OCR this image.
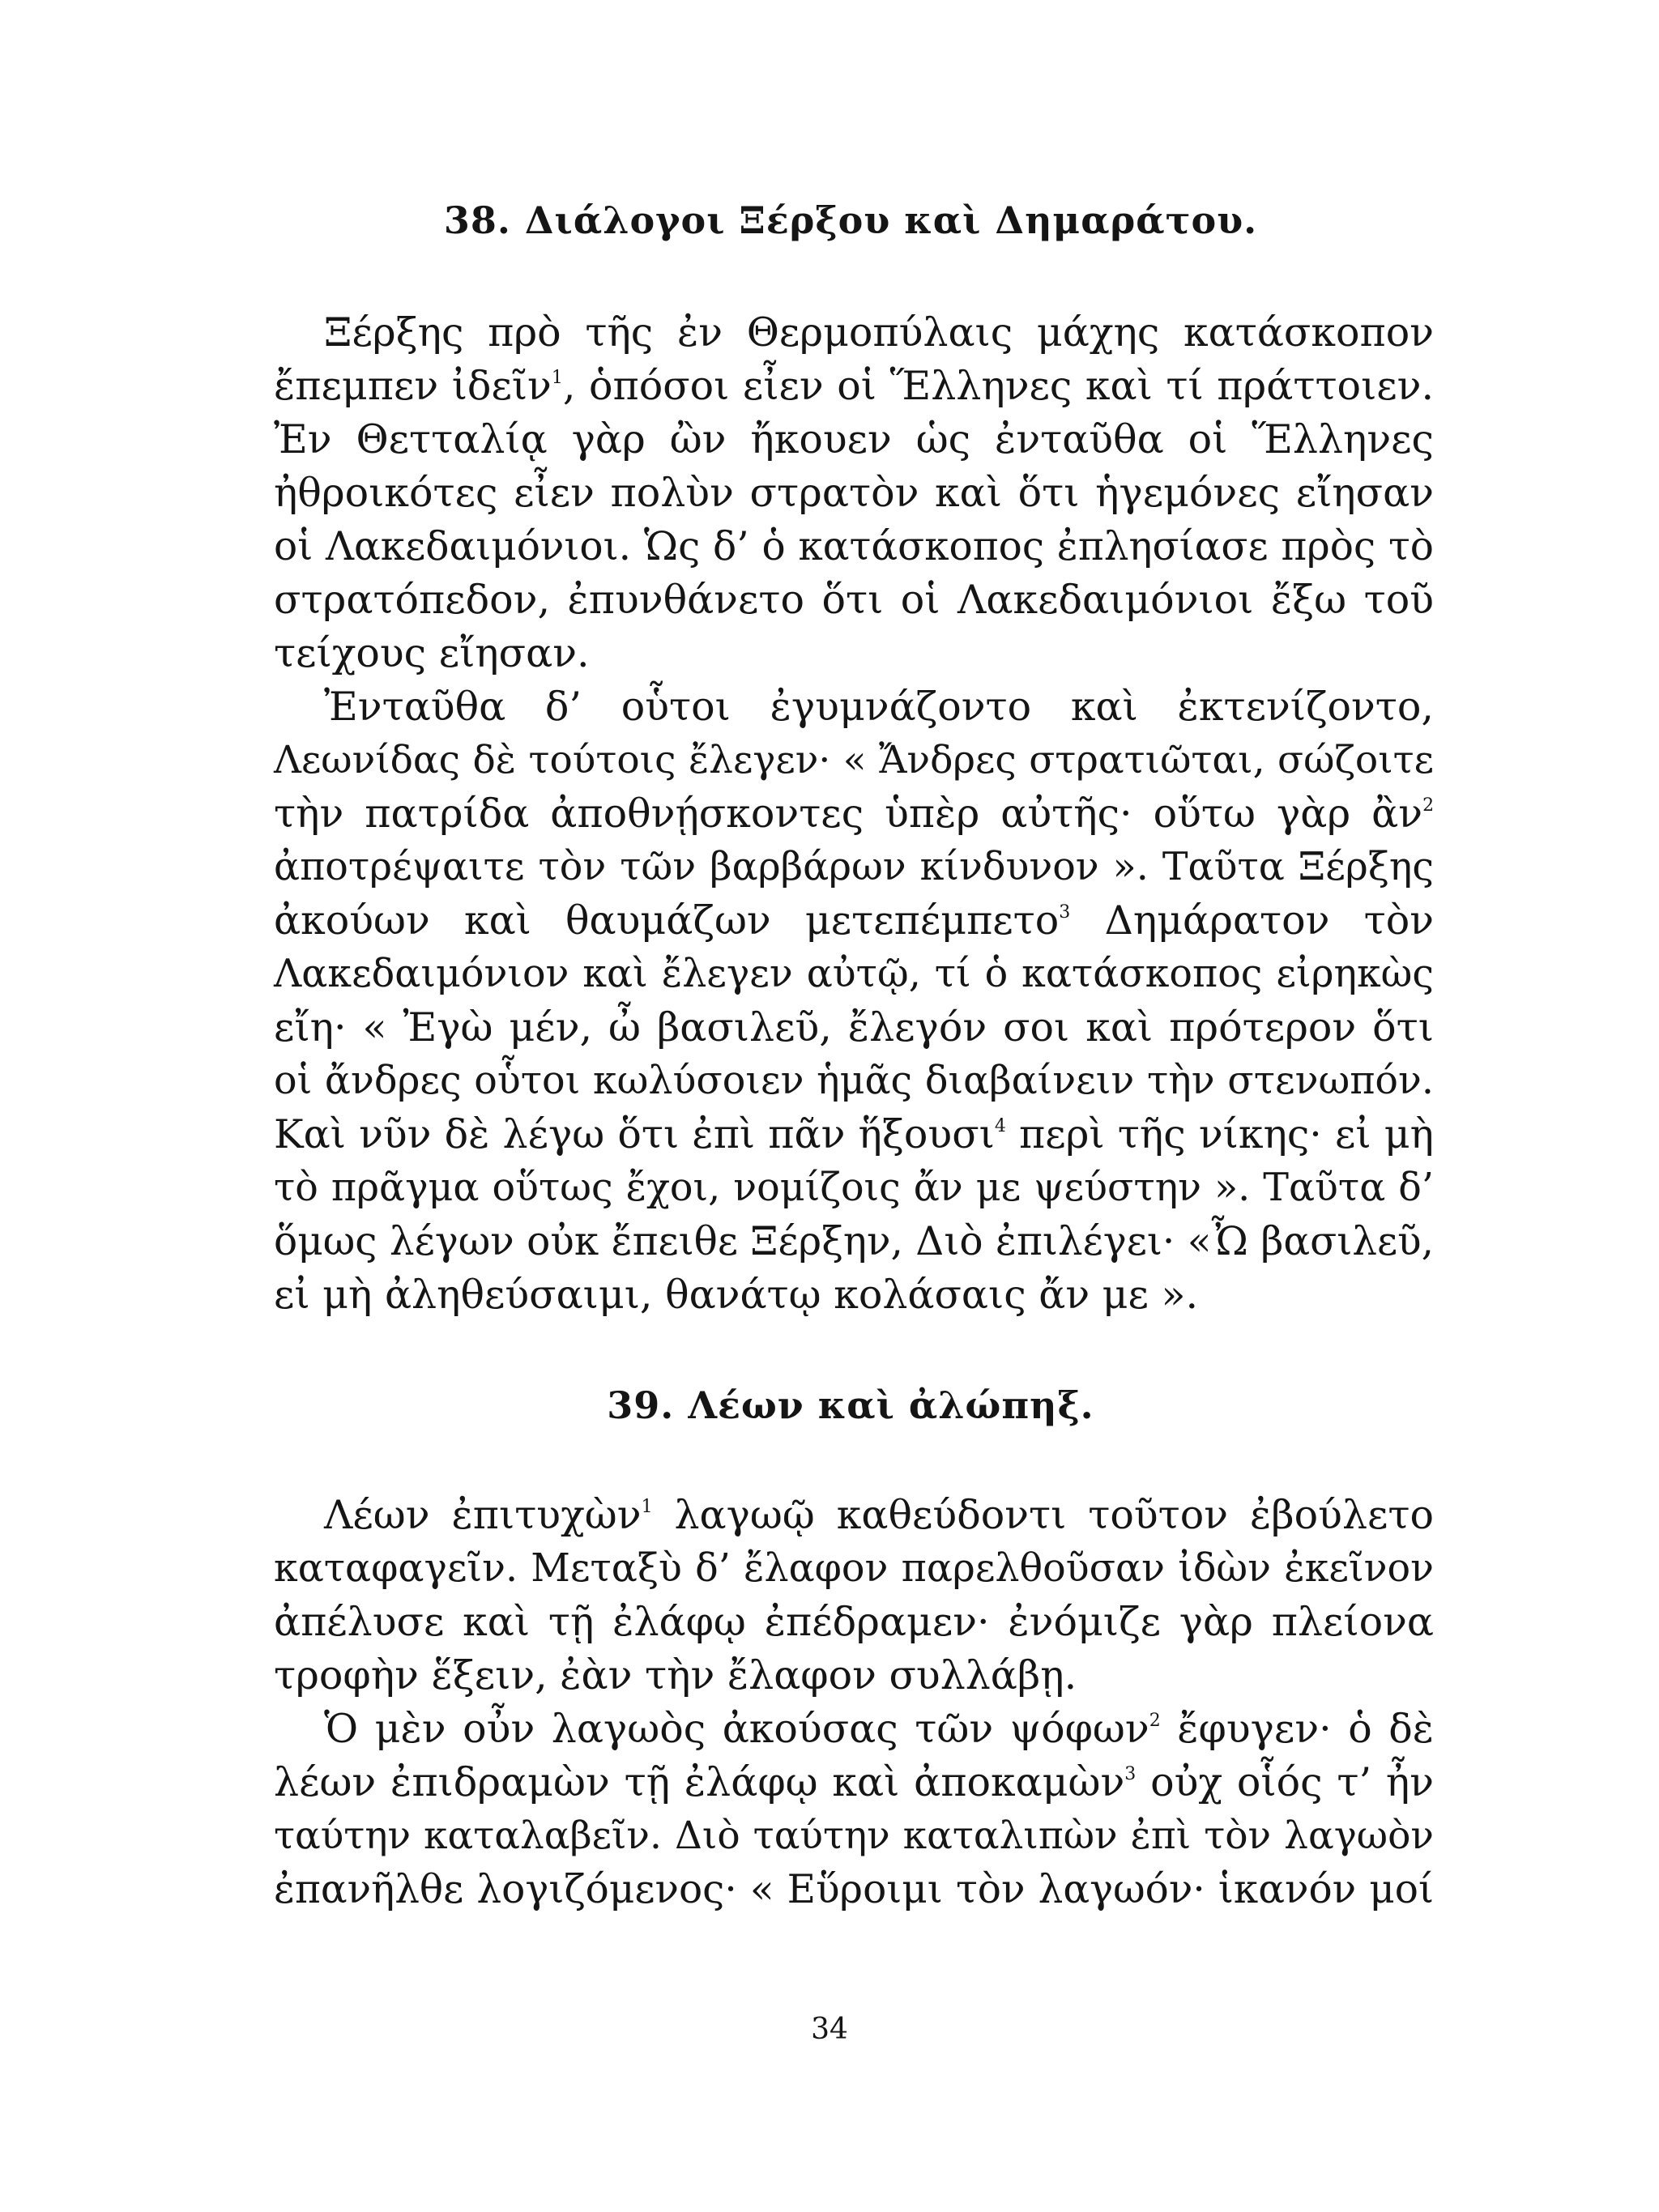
38. Διάλογοι Ξέρξου καὶ Δημαράτου.
Ξέρξης πρὸ τῆς ἐν Θερμοπύλαις μάχης κατάσκοπον
ἔπεμπεν ἰδεῖν$^1$, ὁπόσοι εἶεν οἱ Ἕλληνες καὶ τί πράττοιεν.
Ἐν Θετταλίᾳ γὰρ ὢν ἤκουεν ὡς ἐνταῦθα οἱ Ἕλληνες
ἠθροικότες εἶεν πολὺν στρατὸν καὶ ὅτι ἡγεμόνες εἴησαν
οἱ Λακεδαιμόνιοι. Ὡς δ’ ὁ κατάσκοπος ἐπλησίασε πρὸς τὸ
στρατόπεδον, ἐπυνθάνετο ὅτι οἱ Λακεδαιμόνιοι ἔξω τοῦ
τείχους εἴησαν.
Ἐνταῦθα δ’ οὗτοι ἐγυμνάζοντο καὶ ἐκτενίζοντο,
Λεωνίδας δὲ τούτοις ἔλεγεν· « Ἄνδρες στρατιῶται, σώζοιτε
τὴν πατρίδα ἀποθνῄσκοντες ὑπὲρ αὐτῆς· οὕτω γὰρ ἂν$^2$
ἀποτρέψαιτε τὸν τῶν βαρβάρων κίνδυνον ». Ταῦτα Ξέρξης
ἀκούων καὶ θαυμάζων μετεπέμπετο$^3$ Δημάρατον τὸν
Λακεδαιμόνιον καὶ ἔλεγεν αὐτῷ, τί ὁ κατάσκοπος εἰρηκὼς
εἴη· « Ἐγὼ μέν, ὦ βασιλεῦ, ἔλεγόν σοι καὶ πρότερον ὅτι
οἱ ἄνδρες οὗτοι κωλύσοιεν ἡμᾶς διαβαίνειν τὴν στενωπόν.
Καὶ νῦν δὲ λέγω ὅτι ἐπὶ πᾶν ἥξουσι$^4$ περὶ τῆς νίκης· εἰ μὴ
τὸ πρᾶγμα οὕτως ἔχοι, νομίζοις ἄν με ψεύστην ». Ταῦτα δ’
ὅμως λέγων οὐκ ἔπειθε Ξέρξην, Διὸ ἐπιλέγει· «Ὦ βασιλεῦ,
εἰ μὴ ἀληθεύσαιμι, θανάτῳ κολάσαις ἄν με ».
39. Λέων καὶ ἀλώπηξ.
Λέων ἐπιτυχὼν$^1$ λαγωῷ καθεύδοντι τοῦτον ἐβούλετο
καταφαγεῖν. Μεταξὺ δ’ ἔλαφον παρελθοῦσαν ἰδὼν ἐκεῖνον
ἀπέλυσε καὶ τῇ ἐλάφῳ ἐπέδραμεν· ἐνόμιζε γὰρ πλείονα
τροφὴν ἕξειν, ἐὰν τὴν ἔλαφον συλλάβῃ.
Ὁ μὲν οὖν λαγωὸς ἀκούσας τῶν ψόφων$^2$ ἔφυγεν· ὁ δὲ
λέων ἐπιδραμὼν τῇ ἐλάφῳ καὶ ἀποκαμὼν$^3$ οὐχ οἷός τ’ ἦν
ταύτην καταλαβεῖν. Διὸ ταύτην καταλιπὼν ἐπὶ τὸν λαγωὸν
ἐπανῆλθε λογιζόμενος· « Εὕροιμι τὸν λαγωόν· ἱκανόν μοί
34
